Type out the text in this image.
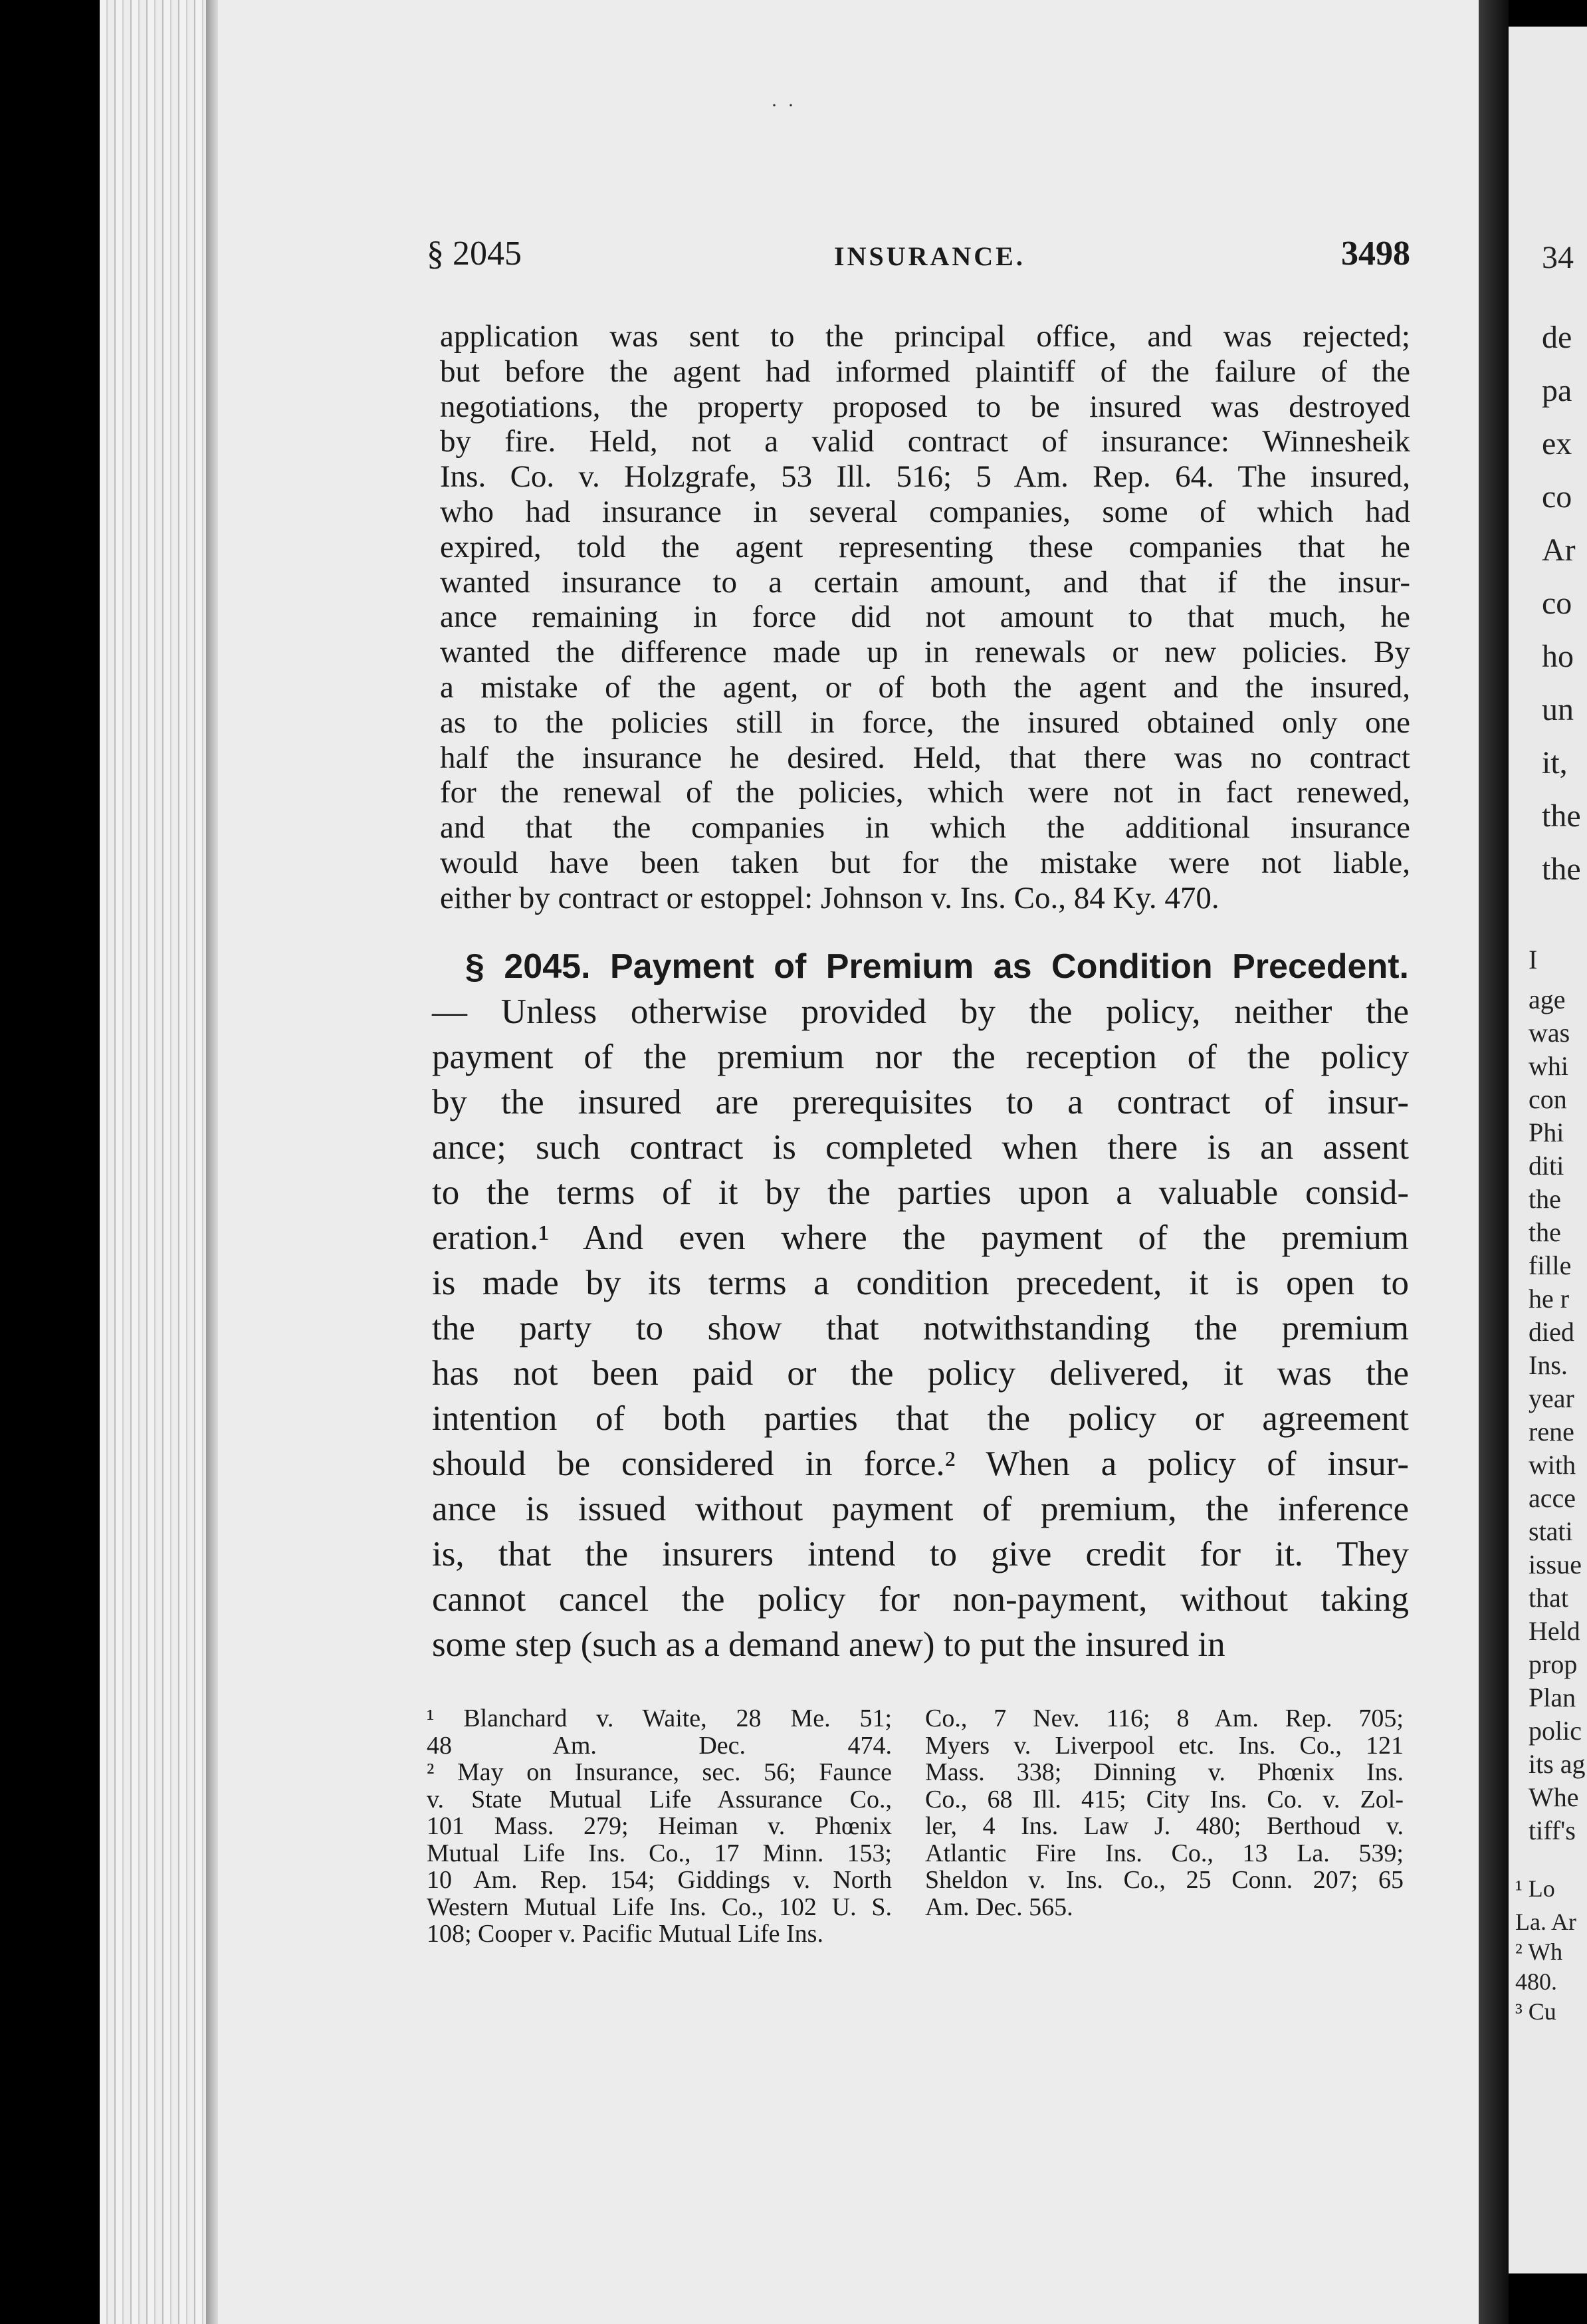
·  ·
§ 2045	INSURANCE.	3498
application was sent to the principal office, and was rejected;
but before the agent had informed plaintiff of the failure of the
negotiations, the property proposed to be insured was destroyed
by fire. Held, not a valid contract of insurance: Winnesheik
Ins. Co. v. Holzgrafe, 53 Ill. 516; 5 Am. Rep. 64. The insured,
who had insurance in several companies, some of which had
expired, told the agent representing these companies that he
wanted insurance to a certain amount, and that if the insur-
ance remaining in force did not amount to that much, he
wanted the difference made up in renewals or new policies. By
a mistake of the agent, or of both the agent and the insured,
as to the policies still in force, the insured obtained only one
half the insurance he desired. Held, that there was no contract
for the renewal of the policies, which were not in fact renewed,
and that the companies in which the additional insurance
would have been taken but for the mistake were not liable,
either by contract or estoppel: Johnson v. Ins. Co., 84 Ky. 470.
§ 2045. Payment of Premium as Condition Precedent.
— Unless otherwise provided by the policy, neither the
payment of the premium nor the reception of the policy
by the insured are prerequisites to a contract of insur-
ance; such contract is completed when there is an assent
to the terms of it by the parties upon a valuable consid-
eration.¹ And even where the payment of the premium
is made by its terms a condition precedent, it is open to
the party to show that notwithstanding the premium
has not been paid or the policy delivered, it was the
intention of both parties that the policy or agreement
should be considered in force.² When a policy of insur-
ance is issued without payment of premium, the inference
is, that the insurers intend to give credit for it. They
cannot cancel the policy for non-payment, without taking
some step (such as a demand anew) to put the insured in
¹ Blanchard v. Waite, 28 Me. 51;
48 Am. Dec. 474.
² May on Insurance, sec. 56; Faunce
v. State Mutual Life Assurance Co.,
101 Mass. 279; Heiman v. Phœnix
Mutual Life Ins. Co., 17 Minn. 153;
10 Am. Rep. 154; Giddings v. North
Western Mutual Life Ins. Co., 102 U. S.
108; Cooper v. Pacific Mutual Life Ins.
Co., 7 Nev. 116; 8 Am. Rep. 705;
Myers v. Liverpool etc. Ins. Co., 121
Mass. 338; Dinning v. Phœnix Ins.
Co., 68 Ill. 415; City Ins. Co. v. Zol-
ler, 4 Ins. Law J. 480; Berthoud v.
Atlantic Fire Ins. Co., 13 La. 539;
Sheldon v. Ins. Co., 25 Conn. 207; 65
Am. Dec. 565.
34
de
pa
ex
co
Ar
co
ho
un
it,
the
the
I
age
was
whi
con
Phi
diti
the
the
fille
he r
died
Ins.
year
rene
with
acce
stati
issue
that
Held
prop
Plan
polic
its ag
Whe
tiff's
¹ Lo
La. Ar
² Wh
480.
³ Cu
